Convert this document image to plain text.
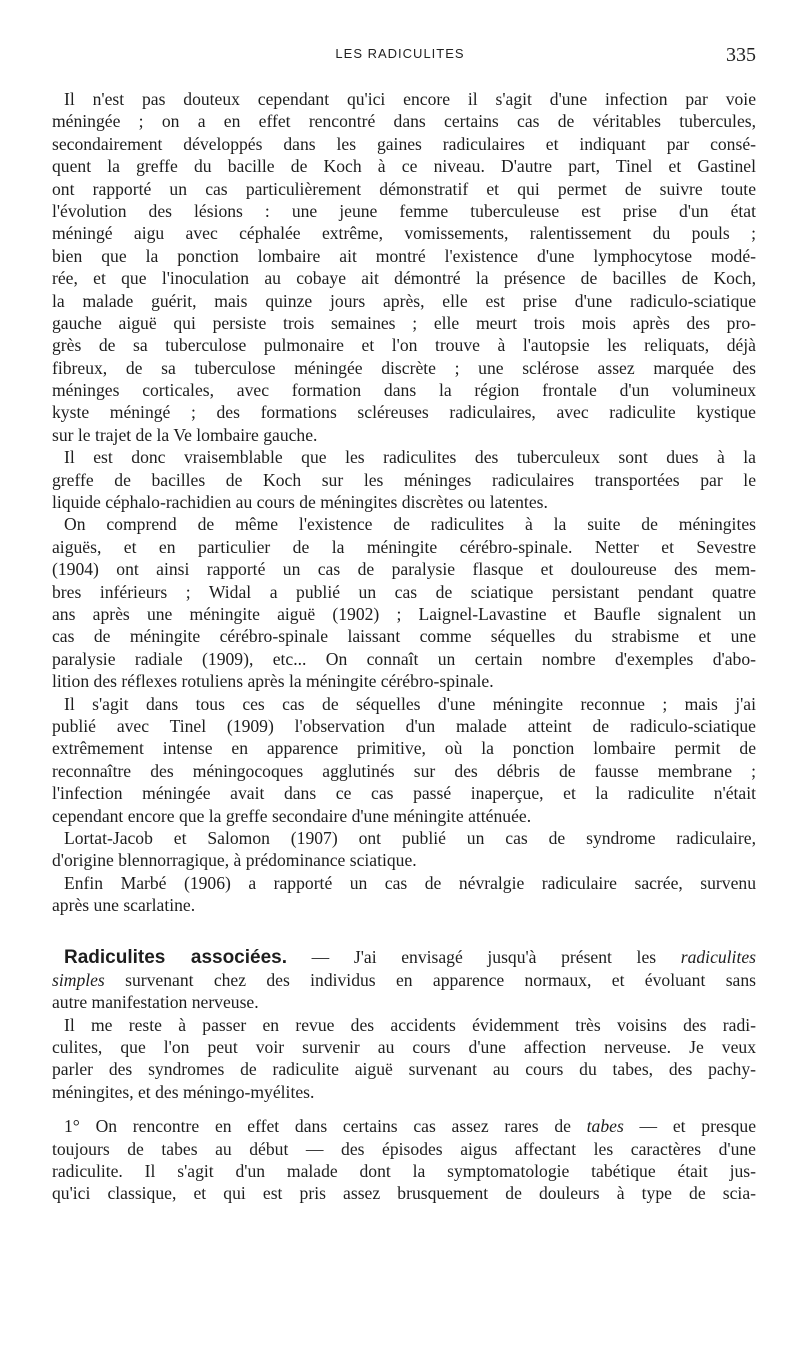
LES RADICULITES	335
Il n'est pas douteux cependant qu'ici encore il s'agit d'une infection par voie
méningée ; on a en effet rencontré dans certains cas de véritables tubercules,
secondairement développés dans les gaines radiculaires et indiquant par consé-
quent la greffe du bacille de Koch à ce niveau. D'autre part, Tinel et Gastinel
ont rapporté un cas particulièrement démonstratif et qui permet de suivre toute
l'évolution des lésions : une jeune femme tuberculeuse est prise d'un état
méningé aigu avec céphalée extrême, vomissements, ralentissement du pouls ;
bien que la ponction lombaire ait montré l'existence d'une lymphocytose modé-
rée, et que l'inoculation au cobaye ait démontré la présence de bacilles de Koch,
la malade guérit, mais quinze jours après, elle est prise d'une radiculo-sciatique
gauche aiguë qui persiste trois semaines ; elle meurt trois mois après des pro-
grès de sa tuberculose pulmonaire et l'on trouve à l'autopsie les reliquats, déjà
fibreux, de sa tuberculose méningée discrète ; une sclérose assez marquée des
méninges corticales, avec formation dans la région frontale d'un volumineux
kyste méningé ; des formations scléreuses radiculaires, avec radiculite kystique
sur le trajet de la Ve lombaire gauche.
Il est donc vraisemblable que les radiculites des tuberculeux sont dues à la
greffe de bacilles de Koch sur les méninges radiculaires transportées par le
liquide céphalo-rachidien au cours de méningites discrètes ou latentes.
On comprend de même l'existence de radiculites à la suite de méningites
aiguës, et en particulier de la méningite cérébro-spinale. Netter et Sevestre
(1904) ont ainsi rapporté un cas de paralysie flasque et douloureuse des mem-
bres inférieurs ; Widal a publié un cas de sciatique persistant pendant quatre
ans après une méningite aiguë (1902) ; Laignel-Lavastine et Baufle signalent un
cas de méningite cérébro-spinale laissant comme séquelles du strabisme et une
paralysie radiale (1909), etc... On connaît un certain nombre d'exemples d'abo-
lition des réflexes rotuliens après la méningite cérébro-spinale.
Il s'agit dans tous ces cas de séquelles d'une méningite reconnue ; mais j'ai
publié avec Tinel (1909) l'observation d'un malade atteint de radiculo-sciatique
extrêmement intense en apparence primitive, où la ponction lombaire permit de
reconnaître des méningocoques agglutinés sur des débris de fausse membrane ;
l'infection méningée avait dans ce cas passé inaperçue, et la radiculite n'était
cependant encore que la greffe secondaire d'une méningite atténuée.
Lortat-Jacob et Salomon (1907) ont publié un cas de syndrome radiculaire,
d'origine blennorragique, à prédominance sciatique.
Enfin Marbé (1906) a rapporté un cas de névralgie radiculaire sacrée, survenu
après une scarlatine.
Radiculites associées. — J'ai envisagé jusqu'à présent les radiculites
simples survenant chez des individus en apparence normaux, et évoluant sans
autre manifestation nerveuse.
Il me reste à passer en revue des accidents évidemment très voisins des radi-
culites, que l'on peut voir survenir au cours d'une affection nerveuse. Je veux
parler des syndromes de radiculite aiguë survenant au cours du tabes, des pachy-
méningites, et des méningo-myélites.
1° On rencontre en effet dans certains cas assez rares de tabes — et presque
toujours de tabes au début — des épisodes aigus affectant les caractères d'une
radiculite. Il s'agit d'un malade dont la symptomatologie tabétique était jus-
qu'ici classique, et qui est pris assez brusquement de douleurs à type de scia-
